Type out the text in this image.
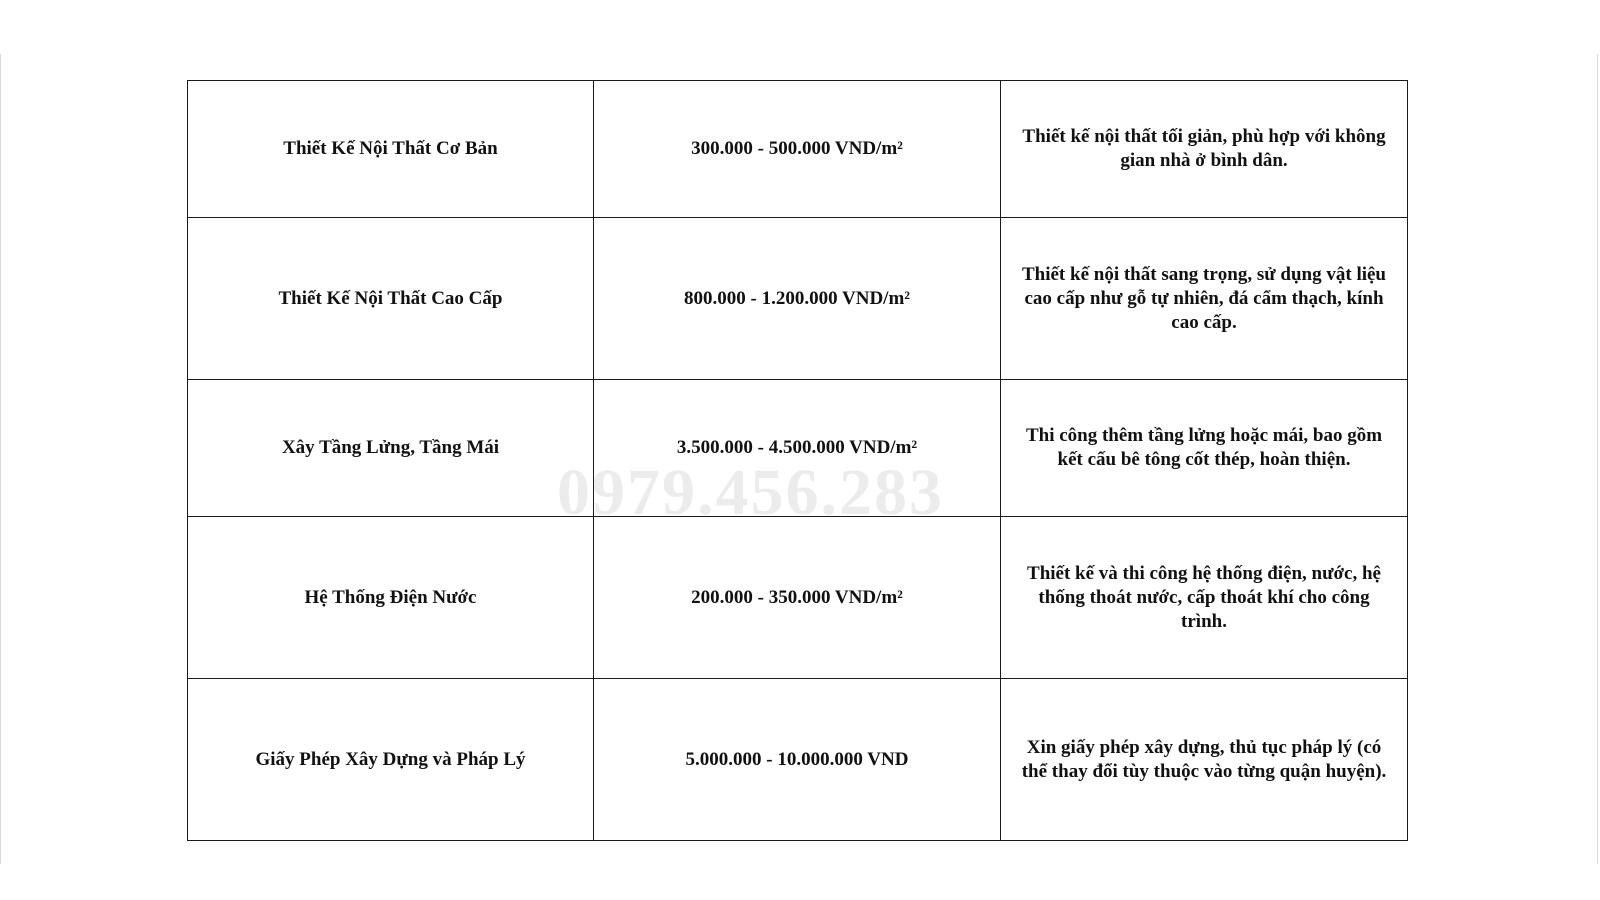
Thiết Kế Nội Thất Cơ Bản	300.000 - 500.000 VND/m²	Thiết kế nội thất tối giản, phù hợp với không gian nhà ở bình dân.
Thiết Kế Nội Thất Cao Cấp	800.000 - 1.200.000 VND/m²	Thiết kế nội thất sang trọng, sử dụng vật liệu cao cấp như gỗ tự nhiên, đá cẩm thạch, kính cao cấp.
Xây Tầng Lửng, Tầng Mái	3.500.000 - 4.500.000 VND/m²	Thi công thêm tầng lửng hoặc mái, bao gồm kết cấu bê tông cốt thép, hoàn thiện.
Hệ Thống Điện Nước	200.000 - 350.000 VND/m²	Thiết kế và thi công hệ thống điện, nước, hệ thống thoát nước, cấp thoát khí cho công trình.
Giấy Phép Xây Dựng và Pháp Lý	5.000.000 - 10.000.000 VND	Xin giấy phép xây dựng, thủ tục pháp lý (có thể thay đổi tùy thuộc vào từng quận huyện).
0979.456.283
